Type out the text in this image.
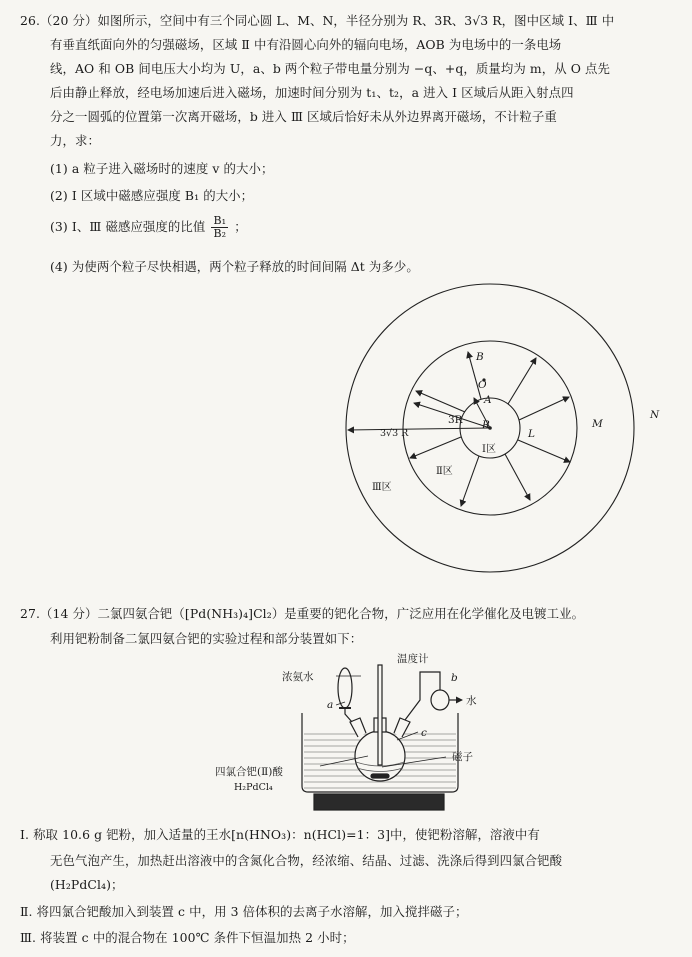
26.（20 分）如图所示，空间中有三个同心圆 L、M、N，半径分别为 R、3R、3√3 R，图中区域 Ⅰ、Ⅲ 中
有垂直纸面向外的匀强磁场，区域 Ⅱ 中有沿圆心向外的辐向电场，AOB 为电场中的一条电场
线，AO 和 OB 间电压大小均为 U，a、b 两个粒子带电量分别为 −q、+q，质量均为 m，从 O 点先
后由静止释放，经电场加速后进入磁场，加速时间分别为 t₁、t₂，a 进入 Ⅰ 区域后从距入射点四
分之一圆弧的位置第一次离开磁场，b 进入 Ⅲ 区域后恰好未从外边界离开磁场，不计粒子重
力，求：
(1) a 粒子进入磁场时的速度 v 的大小；
(2) Ⅰ 区域中磁感应强度 B₁ 的大小；
(3) Ⅰ、Ⅲ 磁感应强度的比值 $\frac{\text{B₁}}{\text{B₂}}$ ；
(4) 为使两个粒子尽快相遇，两个粒子释放的时间间隔 Δt 为多少。
B
O
A
3R R
L
M
N
3√3 R
Ⅰ区
Ⅱ区
Ⅲ区
27.（14 分）二氯四氨合钯（[Pd(NH₃)₄]Cl₂）是重要的钯化合物，广泛应用在化学催化及电镀工业。
利用钯粉制备二氯四氨合钯的实验过程和部分装置如下：
温度计
浓氨水
a
b
水
c
磁子
四氯合钯(Ⅱ)酸
H₂PdCl₄
Ⅰ. 称取 10.6 g 钯粉，加入适量的王水[n(HNO₃)：n(HCl)=1：3]中，使钯粉溶解，溶液中有
无色气泡产生，加热赶出溶液中的含氮化合物，经浓缩、结晶、过滤、洗涤后得到四氯合钯酸
(H₂PdCl₄)；
Ⅱ. 将四氯合钯酸加入到装置 c 中，用 3 倍体积的去离子水溶解，加入搅拌磁子；
Ⅲ. 将装置 c 中的混合物在 100℃ 条件下恒温加热 2 小时；
